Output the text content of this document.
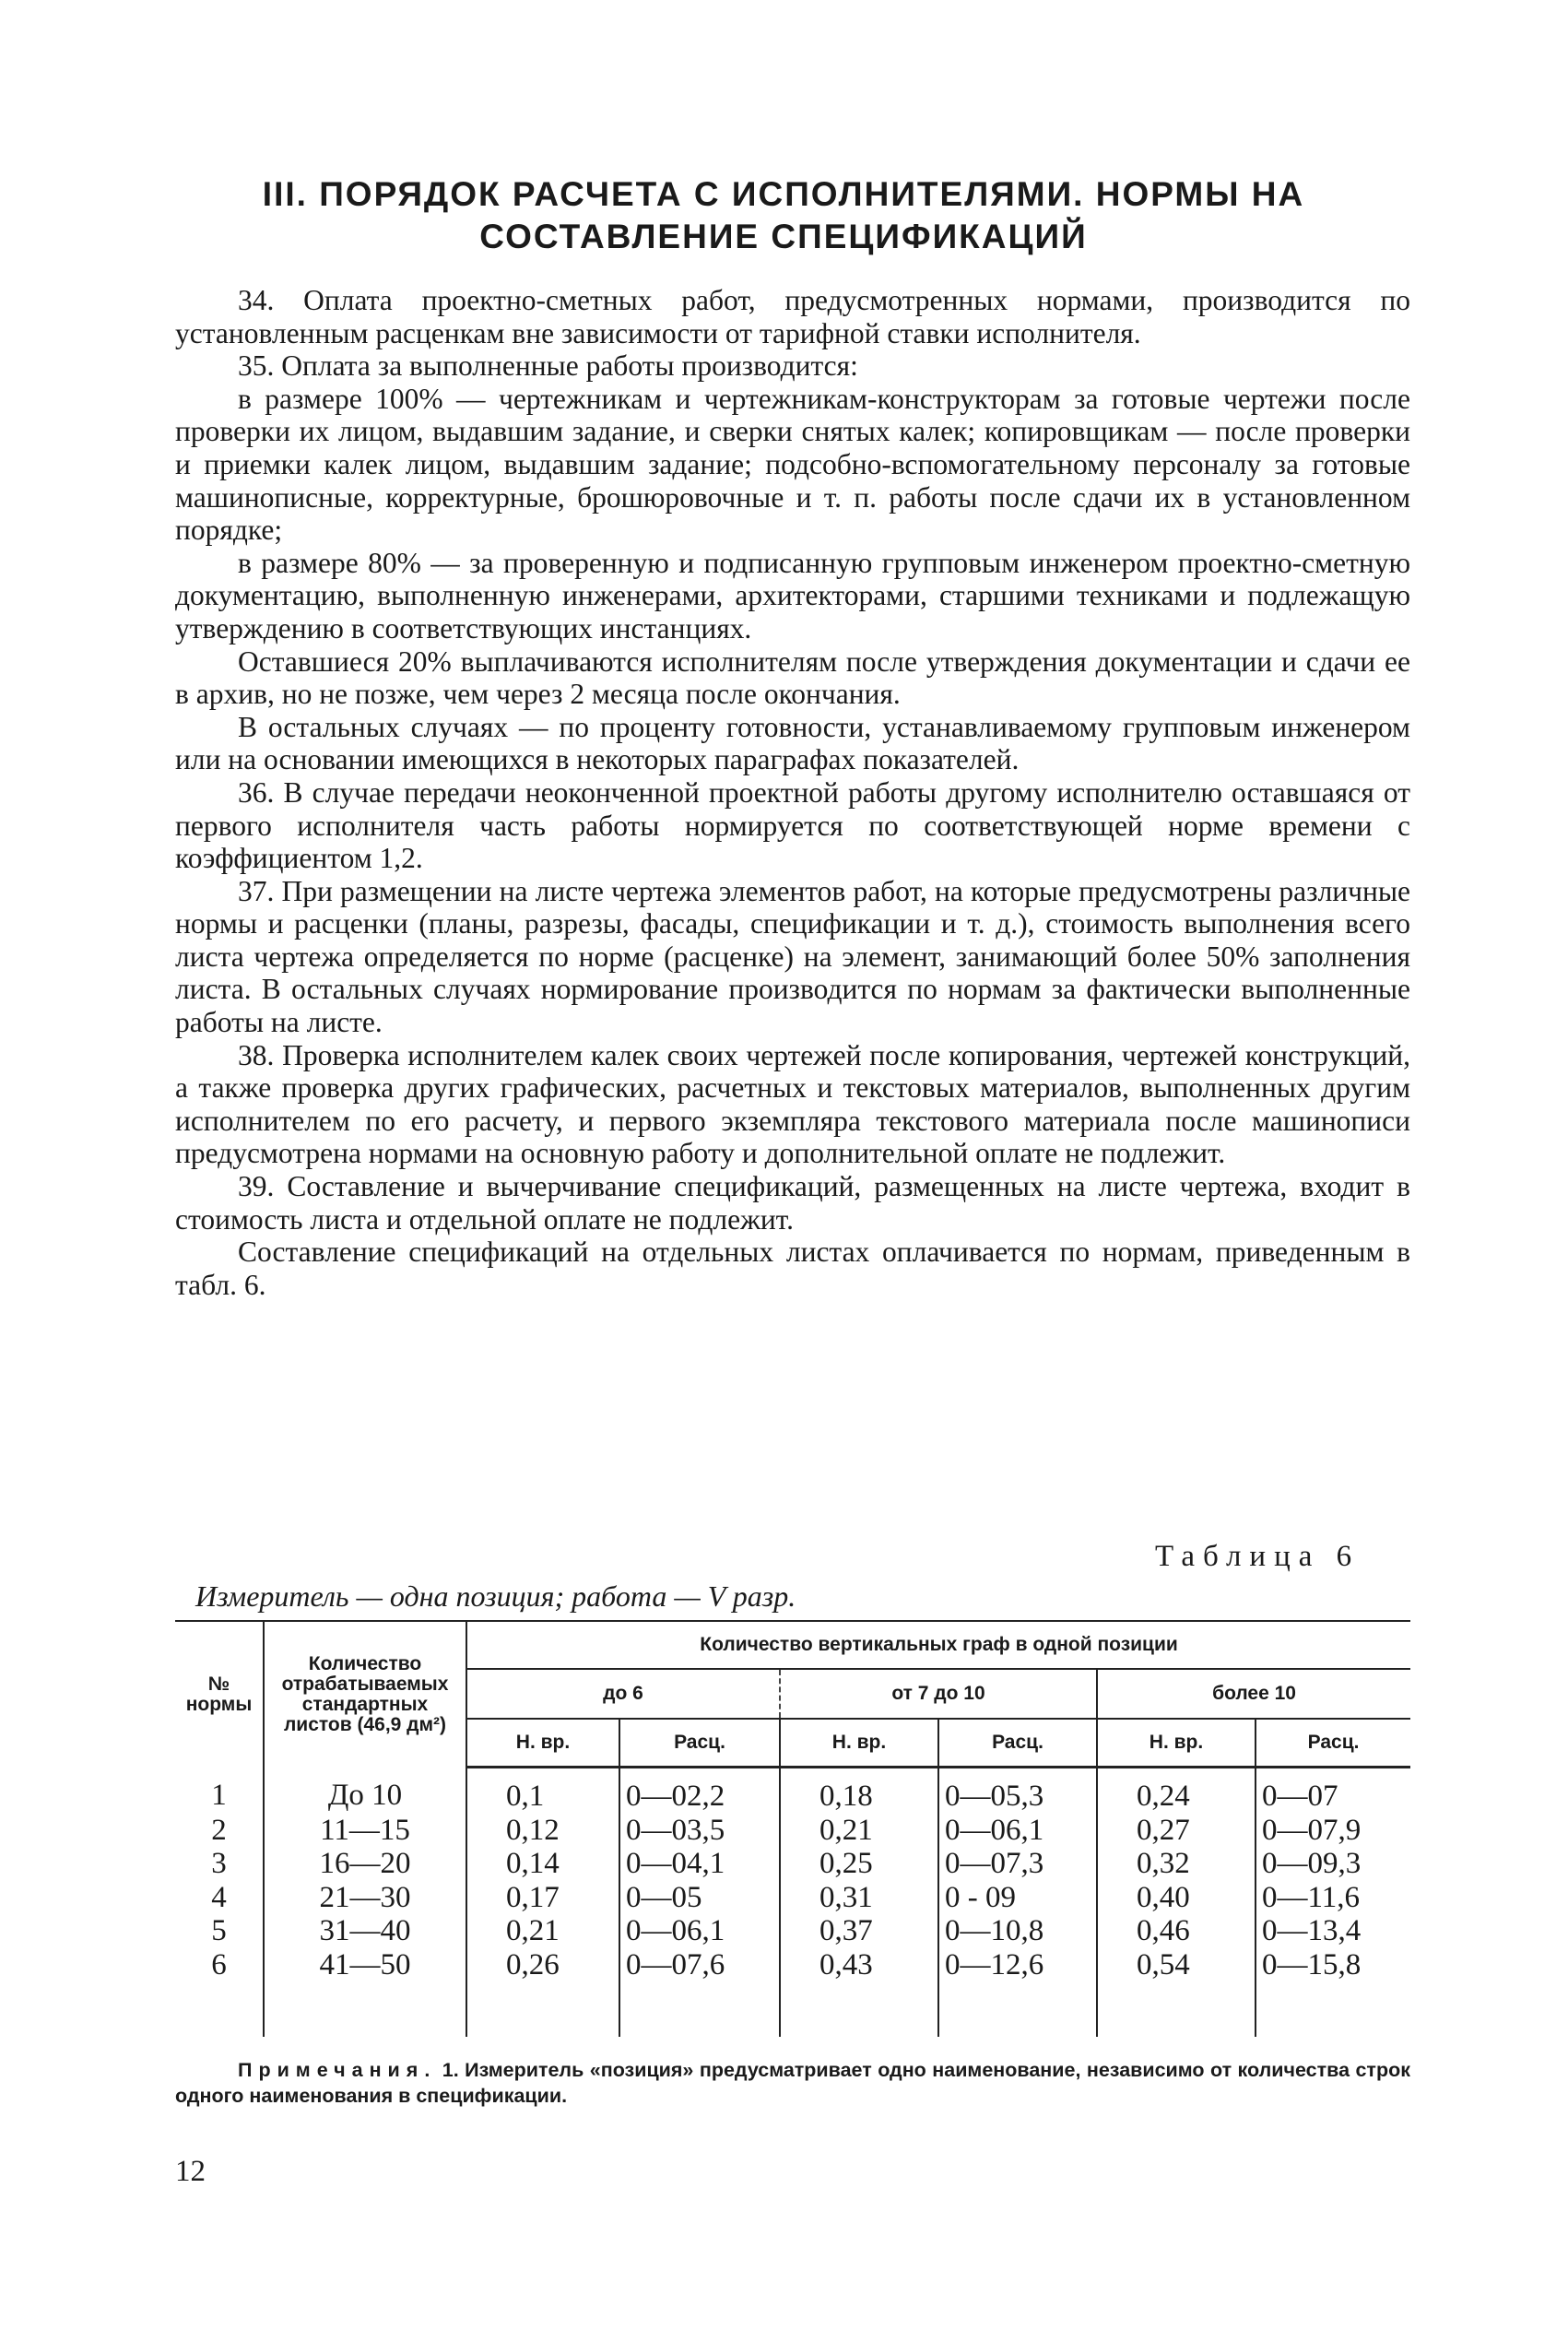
III. ПОРЯДОК РАСЧЕТА С ИСПОЛНИТЕЛЯМИ. НОРМЫ НА
СОСТАВЛЕНИЕ СПЕЦИФИКАЦИЙ

34. Оплата проектно-сметных работ, предусмотренных нормами, производится по установленным расценкам вне зависимости от тарифной ставки исполнителя.

35. Оплата за выполненные работы производится:

в размере 100% — чертежникам и чертежникам-конструкторам за готовые чертежи после проверки их лицом, выдавшим задание, и сверки снятых калек; копировщикам — после проверки и приемки калек лицом, выдавшим задание; подсобно-вспомогательному персоналу за готовые машинописные, корректурные, брошюровочные и т. п. работы после сдачи их в установленном порядке;

в размере 80% — за проверенную и подписанную групповым инженером проектно-сметную документацию, выполненную инженерами, архитекторами, старшими техниками и подлежащую утверждению в соответствующих инстанциях.

Оставшиеся 20% выплачиваются исполнителям после утверждения документации и сдачи ее в архив, но не позже, чем через 2 месяца после окончания.

В остальных случаях — по проценту готовности, устанавливаемому групповым инженером или на основании имеющихся в некоторых параграфах показателей.

36. В случае передачи неоконченной проектной работы другому исполнителю оставшаяся от первого исполнителя часть работы нормируется по соответствующей норме времени с коэффициентом 1,2.

37. При размещении на листе чертежа элементов работ, на которые предусмотрены различные нормы и расценки (планы, разрезы, фасады, спецификации и т. д.), стоимость выполнения всего листа чертежа определяется по норме (расценке) на элемент, занимающий более 50% заполнения листа. В остальных случаях нормирование производится по нормам за фактически выполненные работы на листе.

38. Проверка исполнителем калек своих чертежей после копирования, чертежей конструкций, а также проверка других графических, расчетных и текстовых материалов, выполненных другим исполнителем по его расчету, и первого экземпляра текстового материала после машинописи предусмотрена нормами на основную работу и дополнительной оплате не подлежит.

39. Составление и вычерчивание спецификаций, размещенных на листе чертежа, входит в стоимость листа и отдельной оплате не подлежит.

Составление спецификаций на отдельных листах оплачивается по нормам, приведенным в табл. 6.

Таблица 6
Измеритель — одна позиция; работа — V разр.
№ нормы	Количество отрабатываемых стандартных листов (46,9 дм²)	Количество вертикальных граф в одной позиции					
		до 6		от 7 до 10		более 10	
		Н. вр.	Расц.	Н. вр.	Расц.	Н. вр.	Расц.
1	До 10	0,1	0—02,2	0,18	0—05,3	0,24	0—07
2	11—15	0,12	0—03,5	0,21	0—06,1	0,27	0—07,9
3	16—20	0,14	0—04,1	0,25	0—07,3	0,32	0—09,3
4	21—30	0,17	0—05	0,31	0 - 09	0,40	0—11,6
5	31—40	0,21	0—06,1	0,37	0—10,8	0,46	0—13,4
6	41—50	0,26	0—07,6	0,43	0—12,6	0,54	0—15,8
Примечания. 1. Измеритель «позиция» предусматривает одно наименование, независимо от количества строк одного наименования в спецификации.
12
